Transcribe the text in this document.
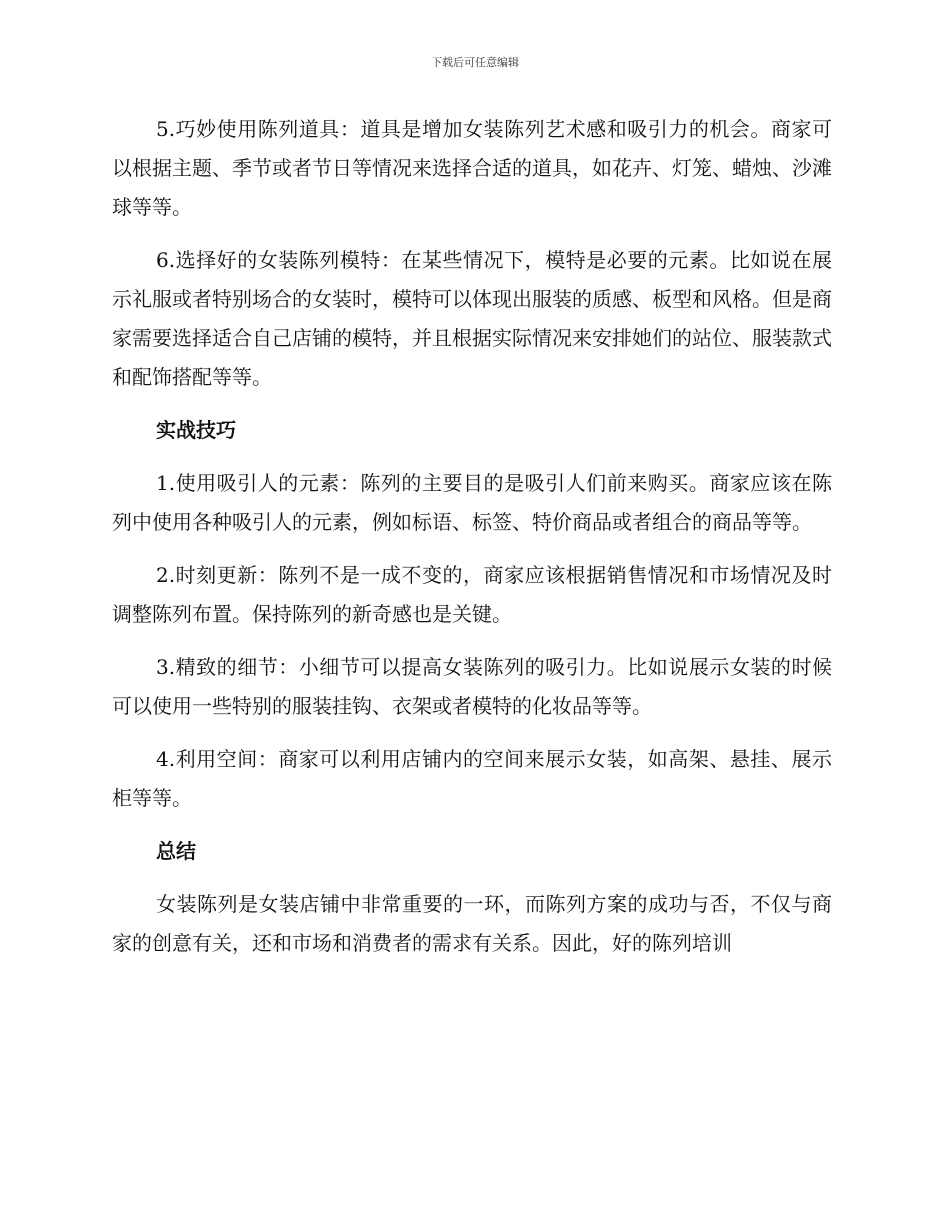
下载后可任意编辑

5.巧妙使用陈列道具：道具是增加女装陈列艺术感和吸引力的机会。商家可以根据主题、季节或者节日等情况来选择合适的道具，如花卉、灯笼、蜡烛、沙滩球等等。

6.选择好的女装陈列模特：在某些情况下，模特是必要的元素。比如说在展示礼服或者特别场合的女装时，模特可以体现出服装的质感、板型和风格。但是商家需要选择适合自己店铺的模特，并且根据实际情况来安排她们的站位、服装款式和配饰搭配等等。

实战技巧

1.使用吸引人的元素：陈列的主要目的是吸引人们前来购买。商家应该在陈列中使用各种吸引人的元素，例如标语、标签、特价商品或者组合的商品等等。

2.时刻更新：陈列不是一成不变的，商家应该根据销售情况和市场情况及时调整陈列布置。保持陈列的新奇感也是关键。

3.精致的细节：小细节可以提高女装陈列的吸引力。比如说展示女装的时候可以使用一些特别的服装挂钩、衣架或者模特的化妆品等等。

4.利用空间：商家可以利用店铺内的空间来展示女装，如高架、悬挂、展示柜等等。

总结

女装陈列是女装店铺中非常重要的一环，而陈列方案的成功与否，不仅与商家的创意有关，还和市场和消费者的需求有关系。因此，好的陈列培训
